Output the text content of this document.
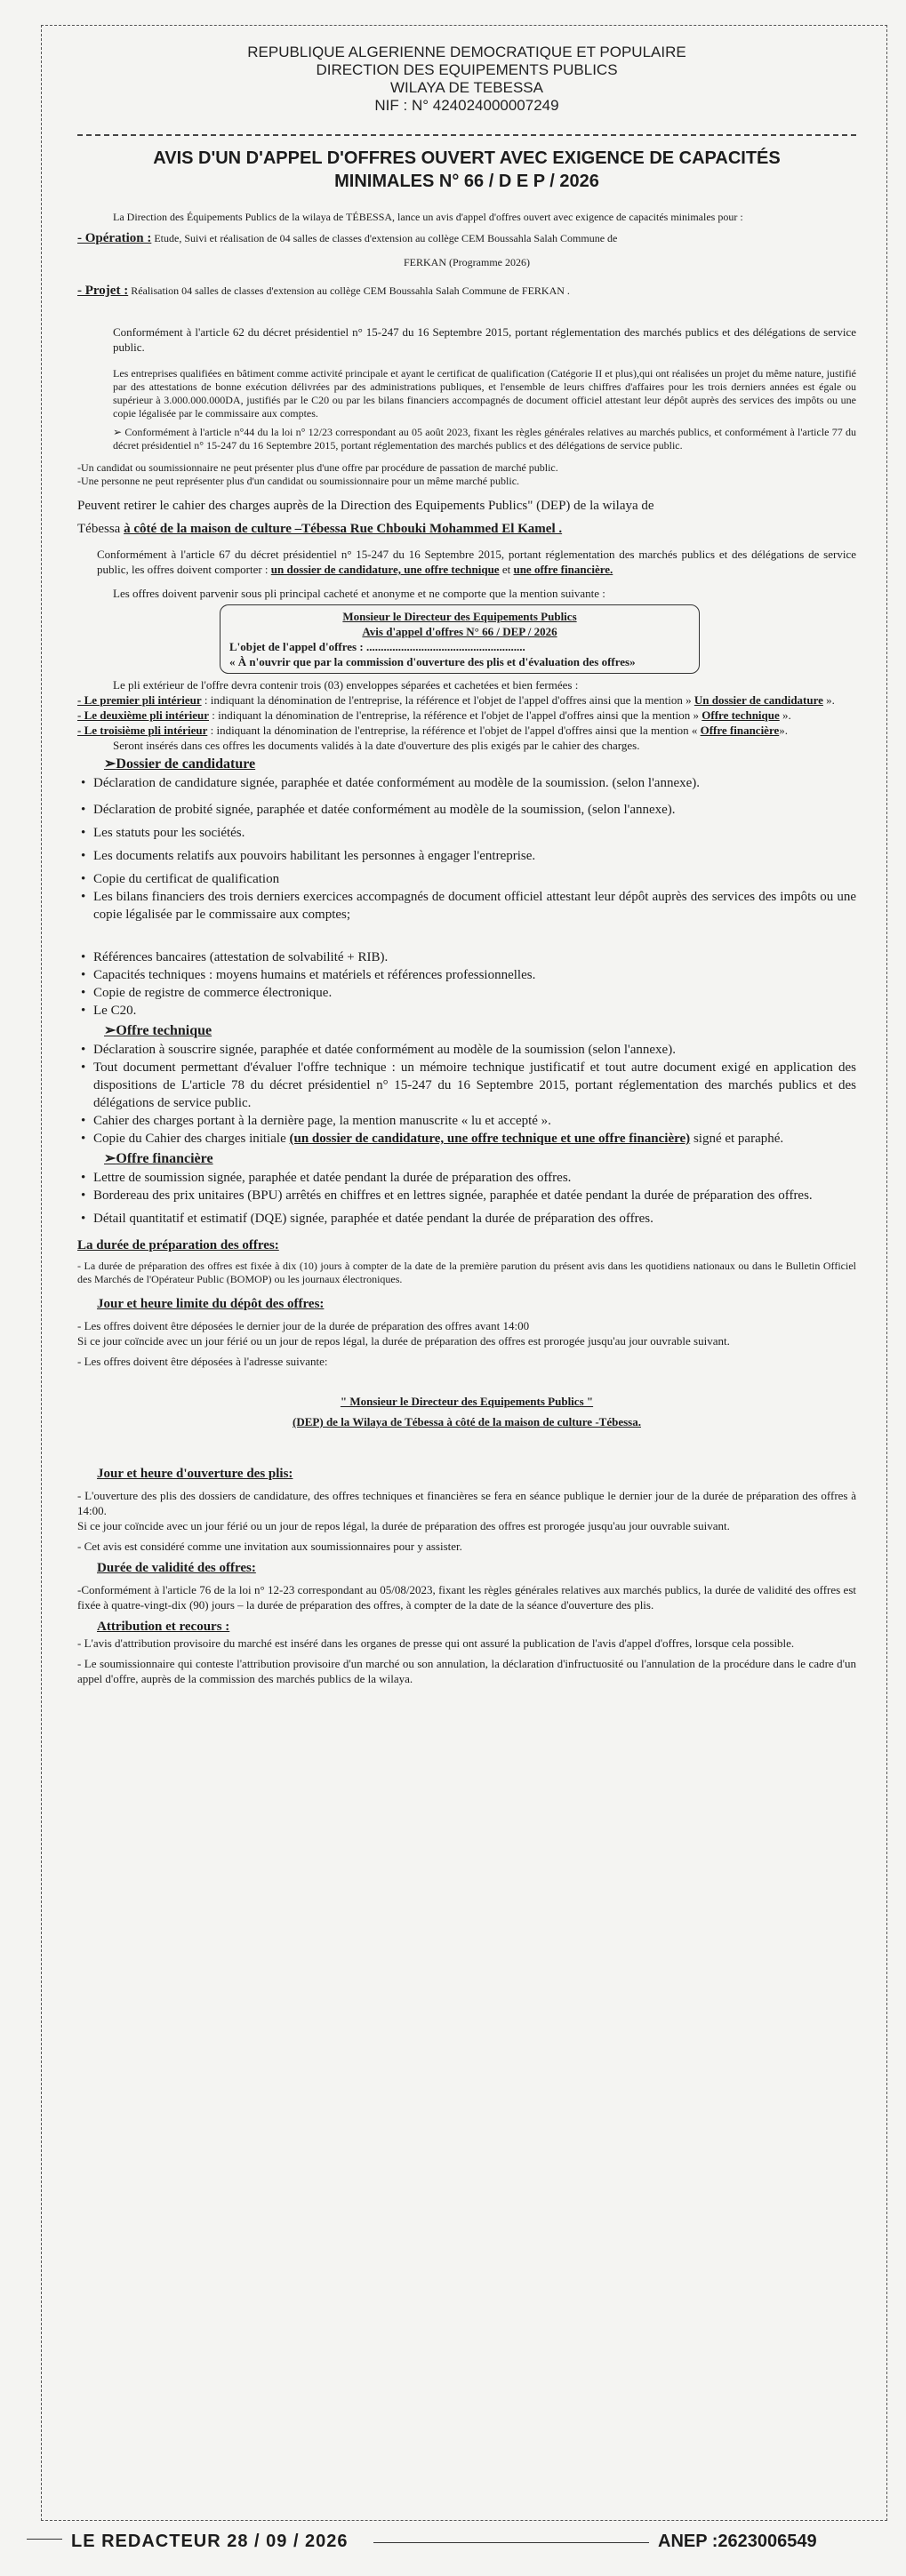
REPUBLIQUE ALGERIENNE DEMOCRATIQUE ET POPULAIRE
DIRECTION DES EQUIPEMENTS PUBLICS
WILAYA DE TEBESSA
NIF : N° 424024000007249
AVIS D'UN D'APPEL D'OFFRES OUVERT AVEC EXIGENCE DE CAPACITÉS
MINIMALES N° 66 / D E P / 2026

La Direction des Équipements Publics de la wilaya de TÉBESSA, lance un avis d'appel d'offres ouvert avec exigence de capacités minimales pour :

- Opération : Etude, Suivi et réalisation de 04 salles de classes d'extension au collège CEM Boussahla Salah Commune de

FERKAN (Programme 2026)

- Projet : Réalisation 04 salles de classes d'extension au collège CEM Boussahla Salah Commune de FERKAN .

Conformément à l'article 62 du décret présidentiel n° 15-247 du 16 Septembre 2015, portant réglementation des marchés publics et des délégations de service public.

Les entreprises qualifiées en bâtiment comme activité principale et ayant le certificat de qualification (Catégorie II et plus),qui ont réalisées un projet du même nature, justifié par des attestations de bonne exécution délivrées par des administrations publiques, et l'ensemble de leurs chiffres d'affaires pour les trois derniers années est égale ou supérieur à 3.000.000.000DA, justifiés par le C20 ou par les bilans financiers accompagnés de document officiel attestant leur dépôt auprès des services des impôts ou une copie légalisée par le commissaire aux comptes.

➢ Conformément à l'article n°44 du la loi n° 12/23 correspondant au 05 août 2023, fixant les règles générales relatives au marchés publics, et conformément à l'article 77 du décret présidentiel n° 15-247 du 16 Septembre 2015, portant réglementation des marchés publics et des délégations de service public.

-Un candidat ou soumissionnaire ne peut présenter plus d'une offre par procédure de passation de marché public.

-Une personne ne peut représenter plus d'un candidat ou soumissionnaire pour un même marché public.

Peuvent retirer le cahier des charges auprès de la Direction des Equipements Publics" (DEP) de la wilaya de

Tébessa à côté de la maison de culture –Tébessa Rue Chbouki Mohammed El Kamel .

Conformément à l'article 67 du décret présidentiel n° 15-247 du 16 Septembre 2015, portant réglementation des marchés publics et des délégations de service public, les offres doivent comporter : un dossier de candidature, une offre technique et une offre financière.

Les offres doivent parvenir sous pli principal cacheté et anonyme et ne comporte que la mention suivante :

Monsieur le Directeur des Equipements Publics

Avis d'appel d'offres N° 66 / DEP / 2026

L'objet de l'appel d'offres : .......................................................

« À n'ouvrir que par la commission d'ouverture des plis et d'évaluation des offres»

Le pli extérieur de l'offre devra contenir trois (03) enveloppes séparées et cachetées et bien fermées :

- Le premier pli intérieur : indiquant la dénomination de l'entreprise, la référence et l'objet de l'appel d'offres ainsi que la mention » Un dossier de candidature ».

- Le deuxième pli intérieur : indiquant la dénomination de l'entreprise, la référence et l'objet de l'appel d'offres ainsi que la mention » Offre technique ».

- Le troisième pli intérieur : indiquant la dénomination de l'entreprise, la référence et l'objet de l'appel d'offres ainsi que la mention « Offre financière».

Seront insérés dans ces offres les documents validés à la date d'ouverture des plis exigés par le cahier des charges.

➢Dossier de candidature

• Déclaration de candidature signée, paraphée et datée conformément au modèle de la soumission. (selon l'annexe).

• Déclaration de probité signée, paraphée et datée conformément au modèle de la soumission, (selon l'annexe).

• Les statuts pour les sociétés.

• Les documents relatifs aux pouvoirs habilitant les personnes à engager l'entreprise.

• Copie du certificat de qualification

• Les bilans financiers des trois derniers exercices accompagnés de document officiel attestant leur dépôt auprès des services des impôts ou une copie légalisée par le commissaire aux comptes;

• Références bancaires (attestation de solvabilité + RIB).

• Capacités techniques : moyens humains et matériels et références professionnelles.

• Copie de registre de commerce électronique.

• Le C20.

➢Offre technique

• Déclaration à souscrire signée, paraphée et datée conformément au modèle de la soumission (selon l'annexe).

• Tout document permettant d'évaluer l'offre technique : un mémoire technique justificatif et tout autre document exigé en application des dispositions de L'article 78 du décret présidentiel n° 15-247 du 16 Septembre 2015, portant réglementation des marchés publics et des délégations de service public.

• Cahier des charges portant à la dernière page, la mention manuscrite « lu et accepté ».

• Copie du Cahier des charges initiale (un dossier de candidature, une offre technique et une offre financière) signé et paraphé.

➢Offre financière

• Lettre de soumission signée, paraphée et datée pendant la durée de préparation des offres.

• Bordereau des prix unitaires (BPU) arrêtés en chiffres et en lettres signée, paraphée et datée pendant la durée de préparation des offres.

• Détail quantitatif et estimatif (DQE) signée, paraphée et datée pendant la durée de préparation des offres.

La durée de préparation des offres:

- La durée de préparation des offres est fixée à dix (10) jours à compter de la date de la première parution du présent avis dans les quotidiens nationaux ou dans le Bulletin Officiel des Marchés de l'Opérateur Public (BOMOP) ou les journaux électroniques.

Jour et heure limite du dépôt des offres:

- Les offres doivent être déposées le dernier jour de la durée de préparation des offres avant 14:00

Si ce jour coïncide avec un jour férié ou un jour de repos légal, la durée de préparation des offres est prorogée jusqu'au jour ouvrable suivant.

- Les offres doivent être déposées à l'adresse suivante:

" Monsieur le Directeur des Equipements Publics "

(DEP) de la Wilaya de Tébessa à côté de la maison de culture -Tébessa.

Jour et heure d'ouverture des plis:

- L'ouverture des plis des dossiers de candidature, des offres techniques et financières se fera en séance publique le dernier jour de la durée de préparation des offres à 14:00.

Si ce jour coïncide avec un jour férié ou un jour de repos légal, la durée de préparation des offres est prorogée jusqu'au jour ouvrable suivant.

- Cet avis est considéré comme une invitation aux soumissionnaires pour y assister.

Durée de validité des offres:

-Conformément à l'article 76 de la loi n° 12-23 correspondant au 05/08/2023, fixant les règles générales relatives aux marchés publics, la durée de validité des offres est fixée à quatre-vingt-dix (90) jours – la durée de préparation des offres, à compter de la date de la séance d'ouverture des plis.

Attribution et recours :

- L'avis d'attribution provisoire du marché est inséré dans les organes de presse qui ont assuré la publication de l'avis d'appel d'offres, lorsque cela possible.

- Le soumissionnaire qui conteste l'attribution provisoire d'un marché ou son annulation, la déclaration d'infructuosité ou l'annulation de la procédure dans le cadre d'un appel d'offre, auprès de la commission des marchés publics de la wilaya.

LE REDACTEUR 28 / 09 / 2026	ANEP :2623006549
